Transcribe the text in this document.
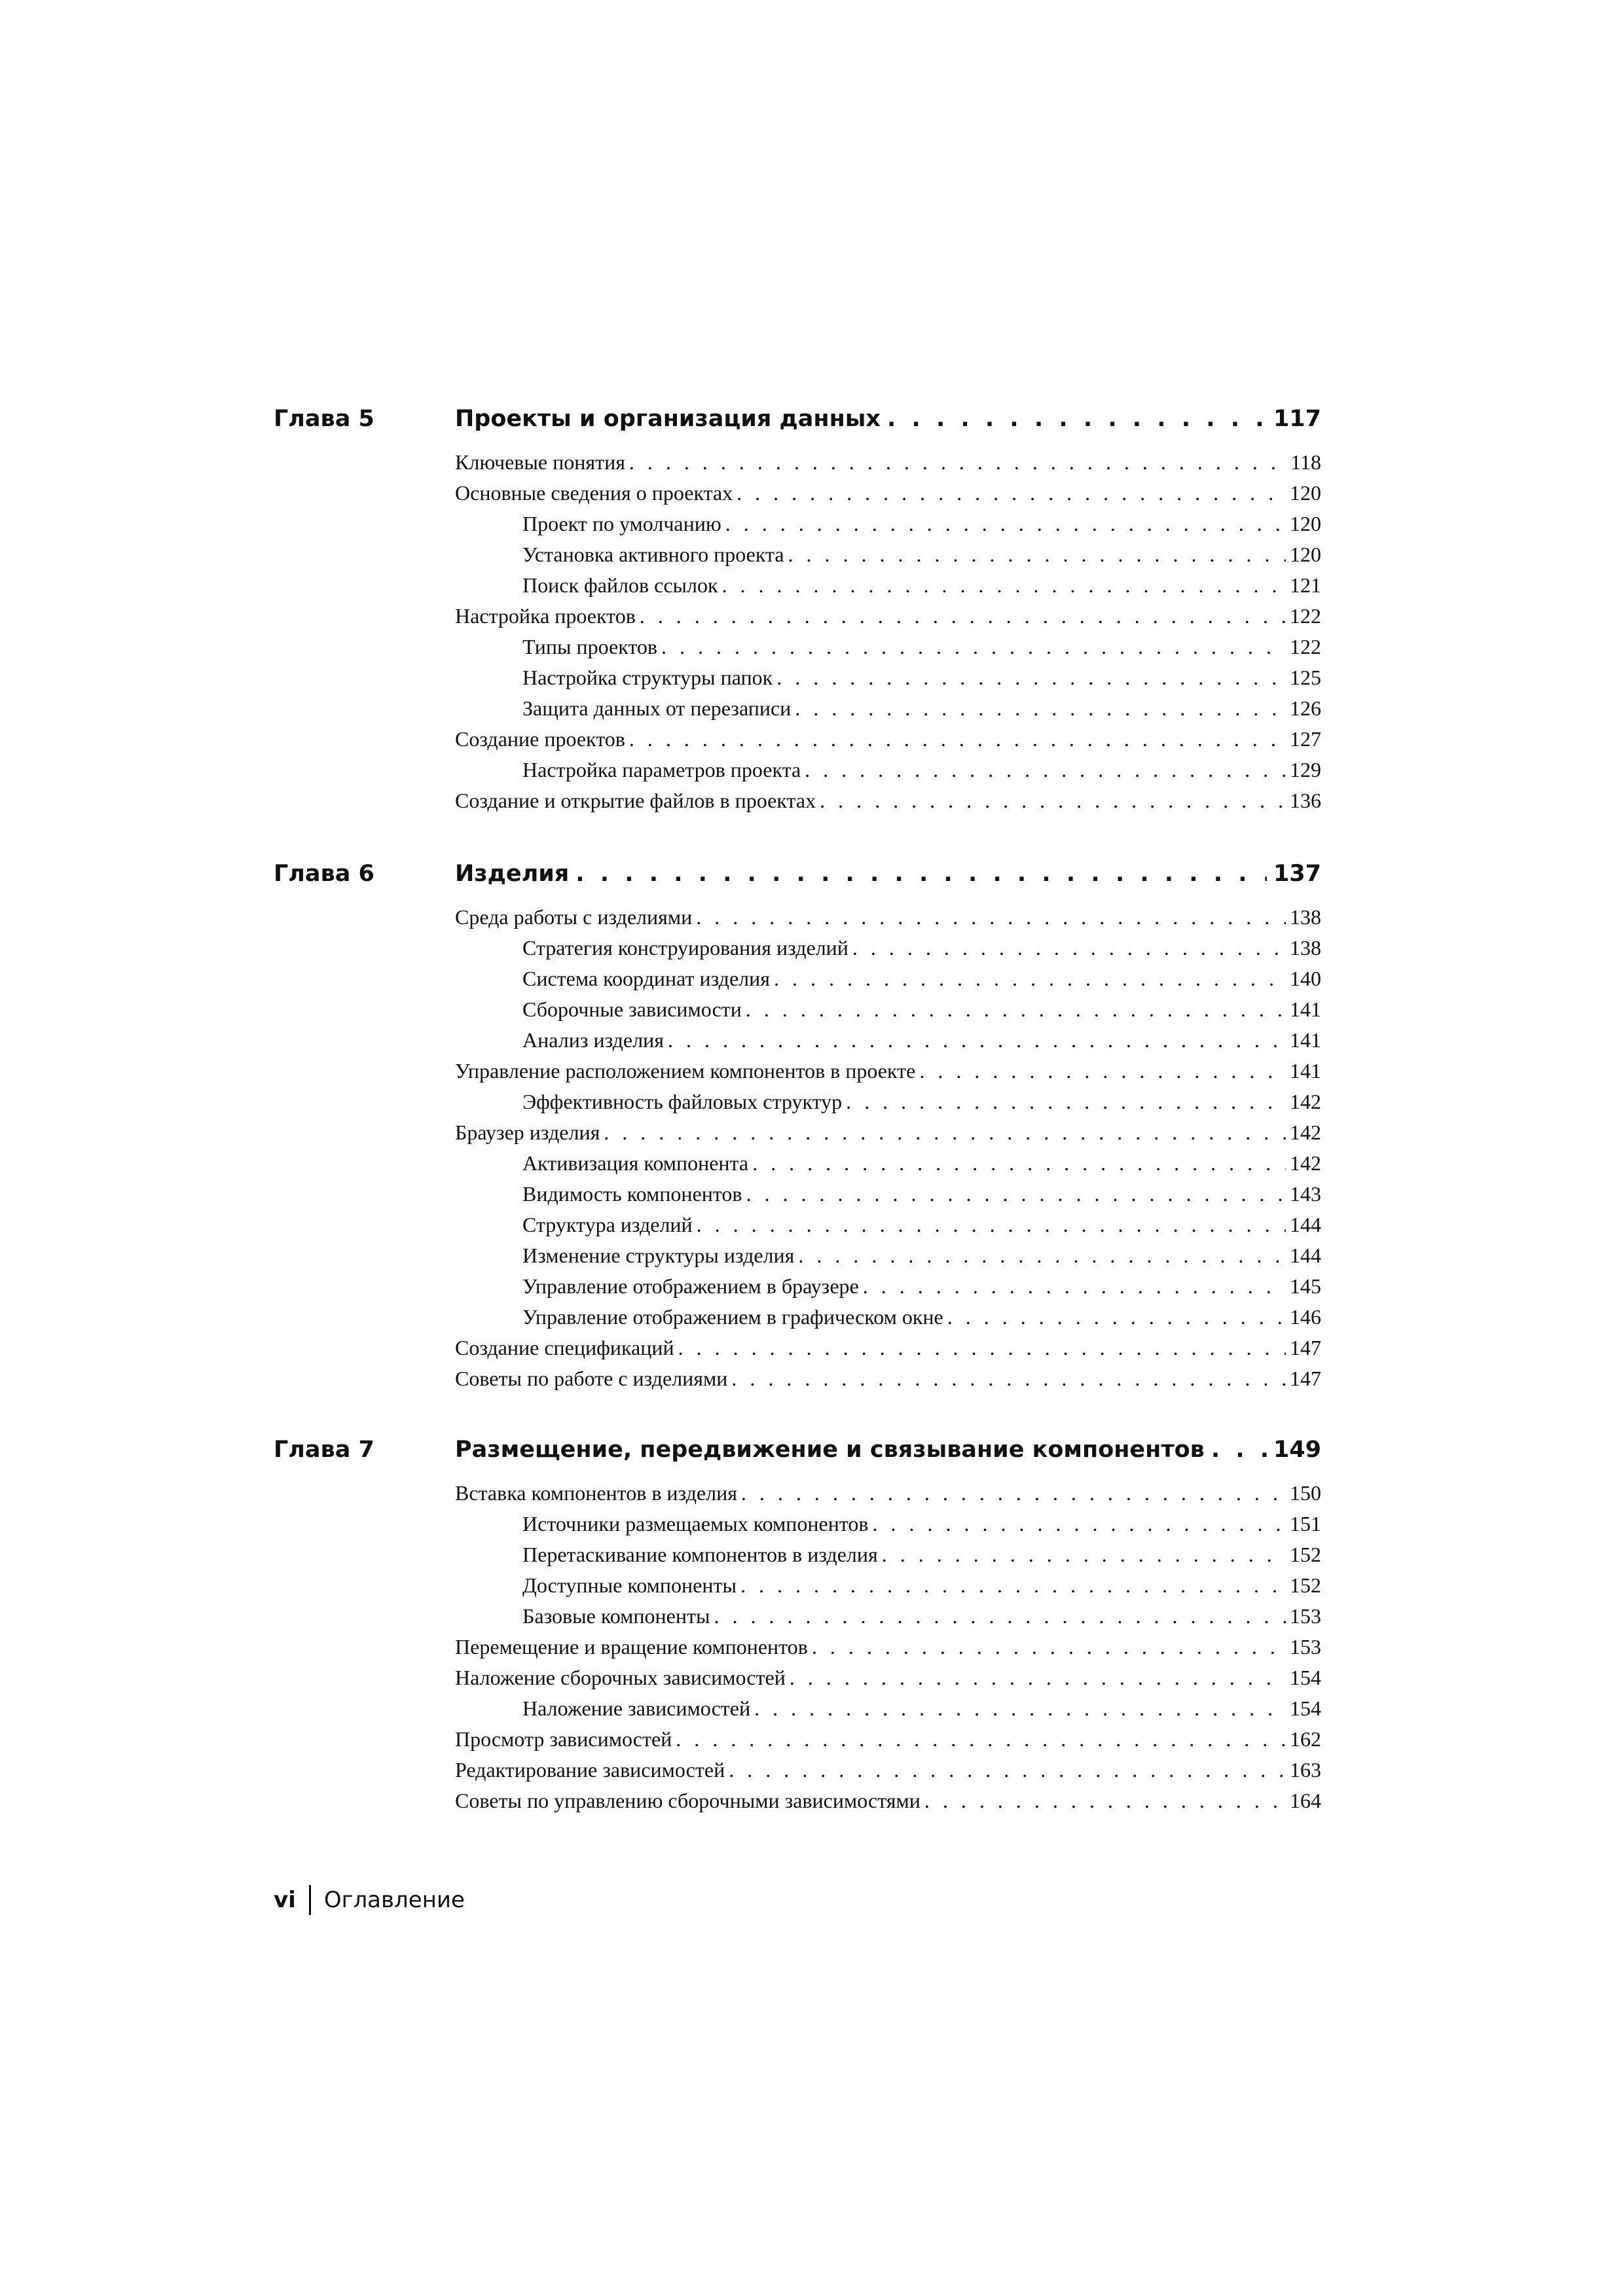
Глава 5	Проекты и организация данных . . .	117
Ключевые понятия . . .	118
Основные сведения о проектах . . .	120
Проект по умолчанию . . .	120
Установка активного проекта . . .	120
Поиск файлов ссылок . . .	121
Настройка проектов . . .	122
Типы проектов . . .	122
Настройка структуры папок . . .	125
Защита данных от перезаписи . . .	126
Создание проектов . . .	127
Настройка параметров проекта . . .	129
Создание и открытие файлов в проектах . . .	136
Глава 6	Изделия . . .	137
Среда работы с изделиями . . .	138
Стратегия конструирования изделий . . .	138
Система координат изделия . . .	140
Сборочные зависимости . . .	141
Анализ изделия . . .	141
Управление расположением компонентов в проекте . . .	141
Эффективность файловых структур . . .	142
Браузер изделия . . .	142
Активизация компонента . . .	142
Видимость компонентов . . .	143
Структура изделий . . .	144
Изменение структуры изделия . . .	144
Управление отображением в браузере . . .	145
Управление отображением в графическом окне . . .	146
Создание спецификаций . . .	147
Советы по работе с изделиями . . .	147
Глава 7	Размещение, передвижение и связывание компонентов . . .	149
Вставка компонентов в изделия . . .	150
Источники размещаемых компонентов . . .	151
Перетаскивание компонентов в изделия . . .	152
Доступные компоненты . . .	152
Базовые компоненты . . .	153
Перемещение и вращение компонентов . . .	153
Наложение сборочных зависимостей . . .	154
Наложение зависимостей . . .	154
Просмотр зависимостей . . .	162
Редактирование зависимостей . . .	163
Советы по управлению сборочными зависимостями . . .	164
vi Оглавление
